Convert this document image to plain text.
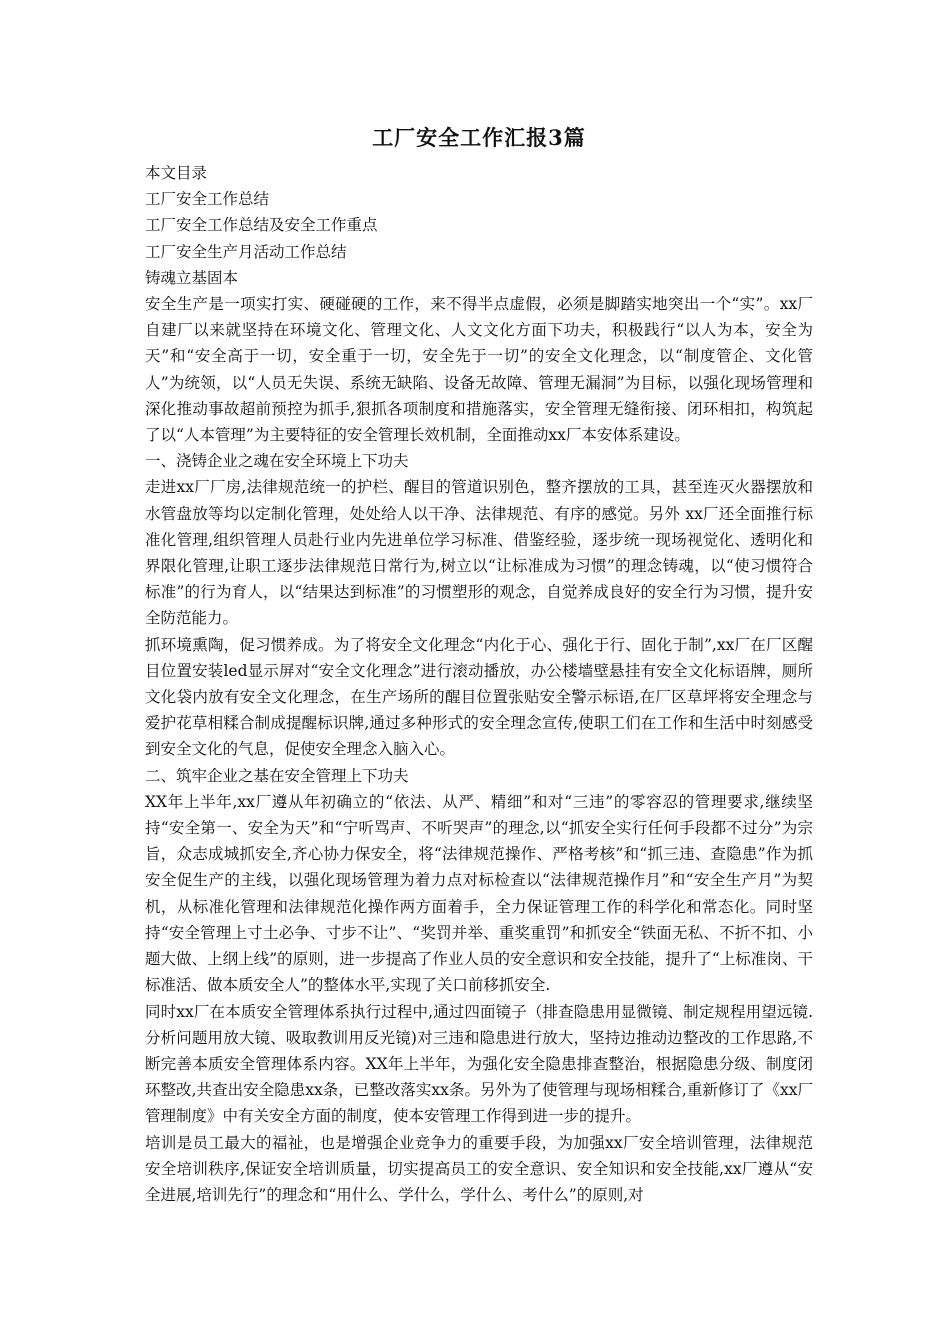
工厂安全工作汇报3篇
本文目录
工厂安全工作总结
工厂安全工作总结及安全工作重点
工厂安全生产月活动工作总结
铸魂立基固本

安全生产是一项实打实、硬碰硬的工作，来不得半点虚假，必须是脚踏实地突出一个“实”。xx厂自建厂以来就坚持在环境文化、管理文化、人文文化方面下功夫，积极践行“以人为本，安全为天”和“安全高于一切，安全重于一切，安全先于一切”的安全文化理念，以“制度管企、文化管人”为统领，以“人员无失误、系统无缺陷、设备无故障、管理无漏洞”为目标，以强化现场管理和深化推动事故超前预控为抓手,狠抓各项制度和措施落实，安全管理无缝衔接、闭环相扣，构筑起了以“人本管理”为主要特征的安全管理长效机制，全面推动xx厂本安体系建设。

一、浇铸企业之魂在安全环境上下功夫

走进xx厂厂房,法律规范统一的护栏、醒目的管道识别色，整齐摆放的工具，甚至连灭火器摆放和水管盘放等均以定制化管理，处处给人以干净、法律规范、有序的感觉。另外 xx厂还全面推行标准化管理,组织管理人员赴行业内先进单位学习标准、借鉴经验，逐步统一现场视觉化、透明化和界限化管理,让职工逐步法律规范日常行为,树立以“让标准成为习惯”的理念铸魂，以“使习惯符合标准”的行为育人，以“结果达到标准”的习惯塑形的观念，自觉养成良好的安全行为习惯，提升安全防范能力。

抓环境熏陶，促习惯养成。为了将安全文化理念“内化于心、强化于行、固化于制”,xx厂在厂区醒目位置安装led显示屏对“安全文化理念”进行滚动播放，办公楼墙壁悬挂有安全文化标语牌，厕所文化袋内放有安全文化理念，在生产场所的醒目位置张贴安全警示标语,在厂区草坪将安全理念与爱护花草相糅合制成提醒标识牌,通过多种形式的安全理念宣传,使职工们在工作和生活中时刻感受到安全文化的气息，促使安全理念入脑入心。

二、筑牢企业之基在安全管理上下功夫

XX年上半年,xx厂遵从年初确立的“依法、从严、精细”和对“三违”的零容忍的管理要求,继续坚持“安全第一、安全为天”和“宁听骂声、不听哭声”的理念,以“抓安全实行任何手段都不过分”为宗旨，众志成城抓安全,齐心协力保安全，将“法律规范操作、严格考核”和“抓三违、查隐患”作为抓安全促生产的主线，以强化现场管理为着力点对标检查以“法律规范操作月”和“安全生产月”为契机，从标准化管理和法律规范化操作两方面着手，全力保证管理工作的科学化和常态化。同时坚持“安全管理上寸土必争、寸步不让”、“奖罚并举、重奖重罚”和抓安全“铁面无私、不折不扣、小题大做、上纲上线”的原则，进一步提高了作业人员的安全意识和安全技能，提升了“上标准岗、干标准活、做本质安全人”的整体水平,实现了关口前移抓安全.

同时xx厂在本质安全管理体系执行过程中,通过四面镜子（排查隐患用显微镜、制定规程用望远镜.分析问题用放大镜、吸取教训用反光镜)对三违和隐患进行放大，坚持边推动边整改的工作思路,不断完善本质安全管理体系内容。XX年上半年，为强化安全隐患排查整治，根据隐患分级、制度闭环整改,共查出安全隐患xx条，已整改落实xx条。另外为了使管理与现场相糅合,重新修订了《xx厂管理制度》中有关安全方面的制度，使本安管理工作得到进一步的提升。

培训是员工最大的福祉，也是增强企业竞争力的重要手段，为加强xx厂安全培训管理，法律规范安全培训秩序,保证安全培训质量，切实提高员工的安全意识、安全知识和安全技能,xx厂遵从“安全进展,培训先行”的理念和“用什么、学什么，学什么、考什么”的原则,对
